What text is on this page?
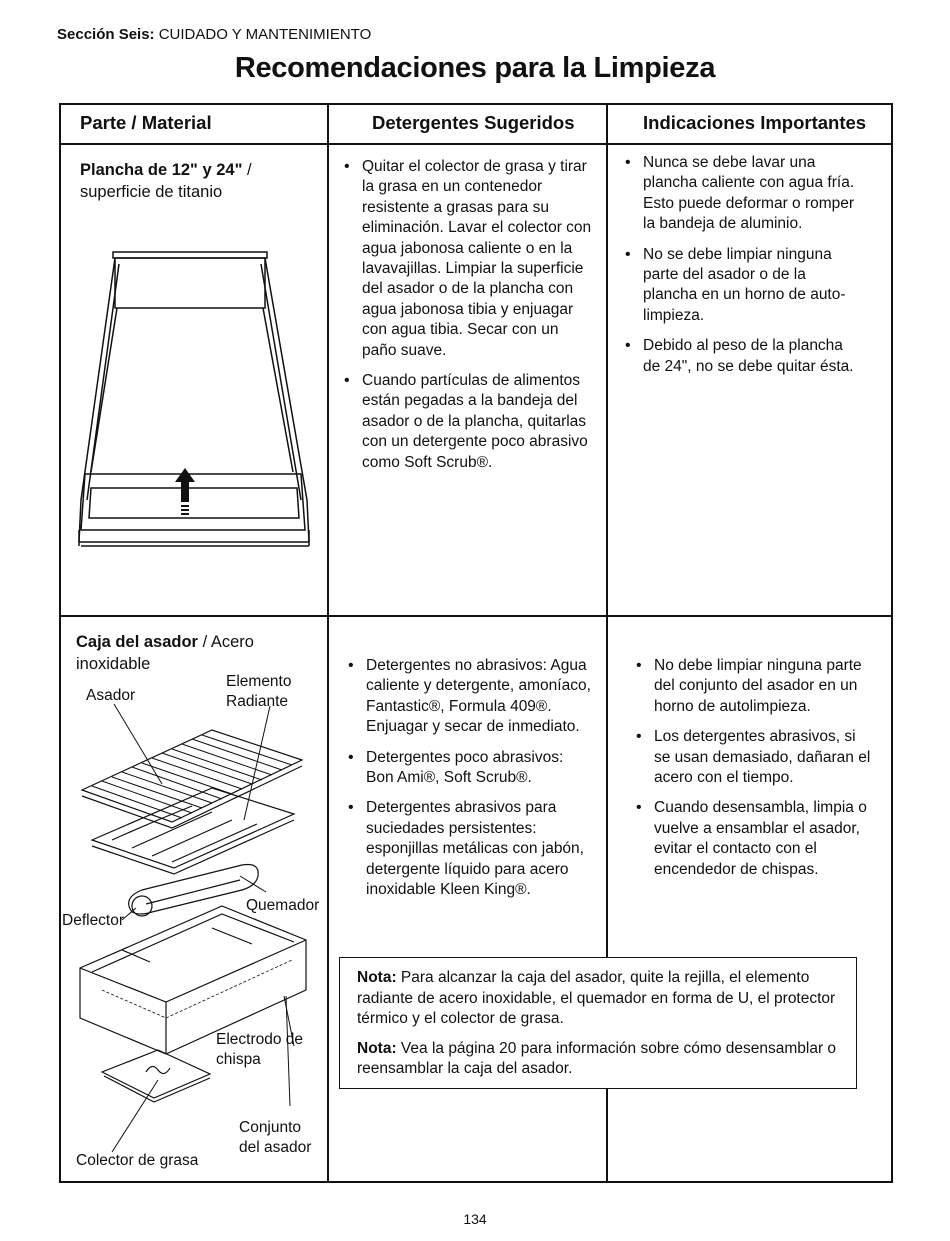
Sección Seis: CUIDADO Y MANTENIMIENTO
Recomendaciones para la Limpieza
Parte / Material	Detergentes Sugeridos	Indicaciones Importantes
Plancha de 12" y 24" /
superficie de titanio
• Quitar el colector de grasa y tirar la grasa en un contenedor resistente a grasas para su eliminación. Lavar el colector con agua jabonosa caliente o en la lavavajillas. Limpiar la superficie del asador o de la plancha con agua jabonosa tibia y enjuagar con agua tibia. Secar con un paño suave.
• Cuando partículas de alimentos están pegadas a la bandeja del asador o de la plancha, quitarlas con un detergente poco abrasivo como Soft Scrub®.
• Nunca se debe lavar una plancha caliente con agua fría. Esto puede deformar o romper la bandeja de aluminio.
• No se debe limpiar ninguna parte del asador o de la plancha en un horno de auto-limpieza.
• Debido al peso de la plancha de 24", no se debe quitar ésta.
Caja del asador / Acero
inoxidable
Asador
Elemento
Radiante
Quemador
Deflector
Electrodo de
chispa
Conjunto
del asador
Colector de grasa
• Detergentes no abrasivos: Agua caliente y detergente, amoníaco, Fantastic®, Formula 409®. Enjuagar y secar de inmediato.
• Detergentes poco abrasivos: Bon Ami®, Soft Scrub®.
• Detergentes abrasivos para suciedades persistentes: esponjillas metálicas con jabón, detergente líquido para acero inoxidable Kleen King®.
• No debe limpiar ninguna parte del conjunto del asador en un horno de autolimpieza.
• Los detergentes abrasivos, si se usan demasiado, dañaran el acero con el tiempo.
• Cuando desensambla, limpia o vuelve a ensamblar el asador, evitar el contacto con el encendedor de chispas.

Nota: Para alcanzar la caja del asador, quite la rejilla, el elemento radiante de acero inoxidable, el quemador en forma de U, el protector térmico y el colector de grasa.

Nota: Vea la página 20 para información sobre cómo desensamblar o reensamblar la caja del asador.

134
